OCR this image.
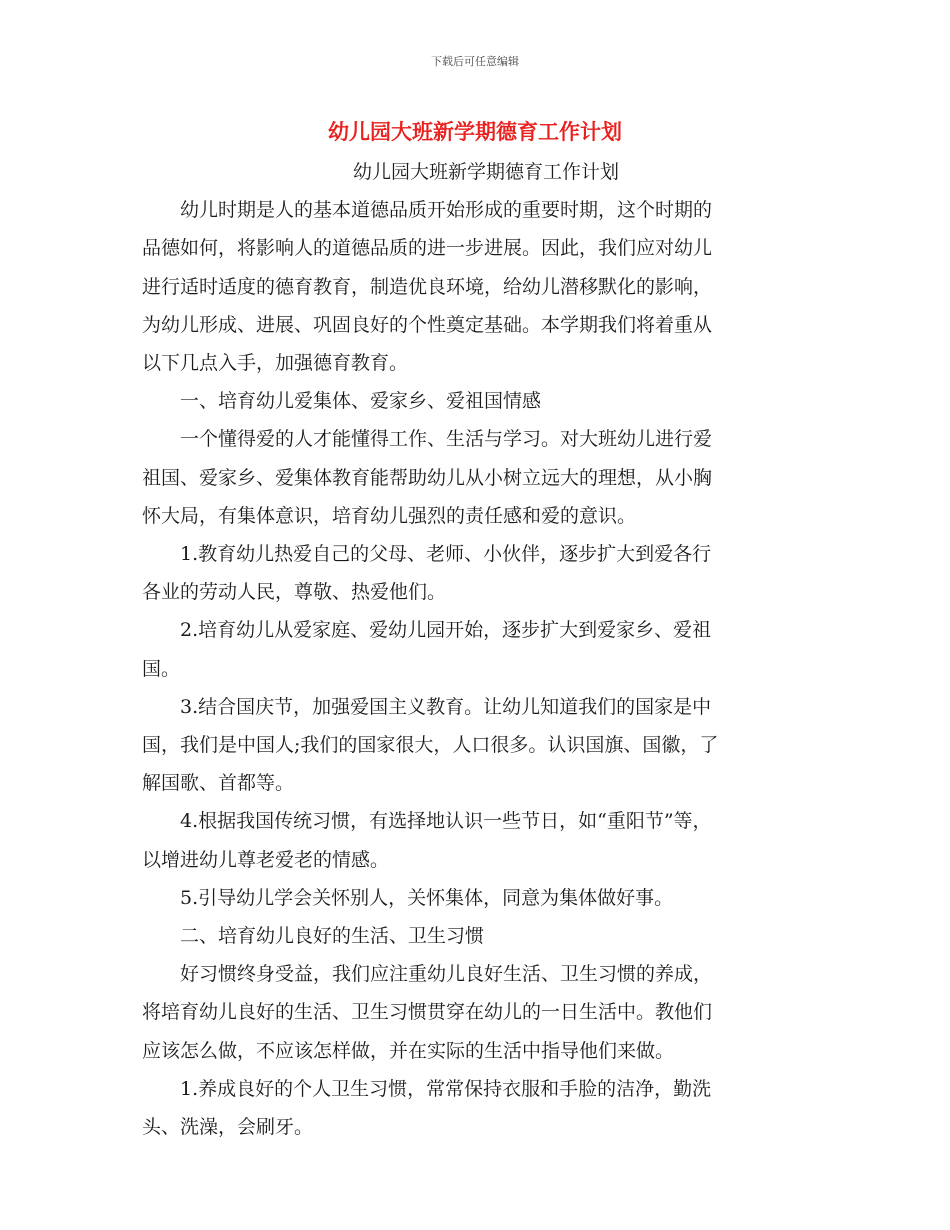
下载后可任意编辑
幼儿园大班新学期德育工作计划

幼儿园大班新学期德育工作计划

幼儿时期是人的基本道德品质开始形成的重要时期，这个时期的

品德如何，将影响人的道德品质的进一步进展。因此，我们应对幼儿

进行适时适度的德育教育，制造优良环境，给幼儿潜移默化的影响，

为幼儿形成、进展、巩固良好的个性奠定基础。本学期我们将着重从

以下几点入手，加强德育教育。

一、培育幼儿爱集体、爱家乡、爱祖国情感

一个懂得爱的人才能懂得工作、生活与学习。对大班幼儿进行爱

祖国、爱家乡、爱集体教育能帮助幼儿从小树立远大的理想，从小胸

怀大局，有集体意识，培育幼儿强烈的责任感和爱的意识。

1.教育幼儿热爱自己的父母、老师、小伙伴，逐步扩大到爱各行

各业的劳动人民，尊敬、热爱他们。

2.培育幼儿从爱家庭、爱幼儿园开始，逐步扩大到爱家乡、爱祖

国。

3.结合国庆节，加强爱国主义教育。让幼儿知道我们的国家是中

国，我们是中国人;我们的国家很大，人口很多。认识国旗、国徽，了

解国歌、首都等。

4.根据我国传统习惯，有选择地认识一些节日，如“重阳节”等，

以增进幼儿尊老爱老的情感。

5.引导幼儿学会关怀别人，关怀集体，同意为集体做好事。

二、培育幼儿良好的生活、卫生习惯

好习惯终身受益，我们应注重幼儿良好生活、卫生习惯的养成，

将培育幼儿良好的生活、卫生习惯贯穿在幼儿的一日生活中。教他们

应该怎么做，不应该怎样做，并在实际的生活中指导他们来做。

1.养成良好的个人卫生习惯，常常保持衣服和手脸的洁净，勤洗

头、洗澡，会刷牙。
